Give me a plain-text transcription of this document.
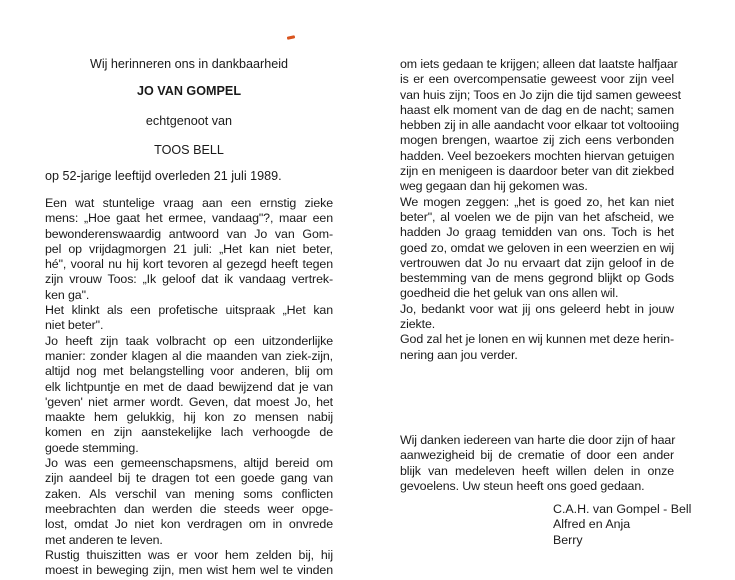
Wij herinneren ons in dankbaarheid
JO VAN GOMPEL
echtgenoot van
TOOS BELL
op 52-jarige leeftijd overleden 21 juli 1989.
Een wat stuntelige vraag aan een ernstig zieke
mens: „Hoe gaat het ermee, vandaag"?, maar een
bewonderenswaardig antwoord van Jo van Gom-
pel op vrijdagmorgen 21 juli: „Het kan niet beter,
hé", vooral nu hij kort tevoren al gezegd heeft tegen
zijn vrouw Toos: „Ik geloof dat ik vandaag vertrek-
ken ga".
Het klinkt als een profetische uitspraak „Het kan
niet beter".
Jo heeft zijn taak volbracht op een uitzonderlijke
manier: zonder klagen al die maanden van ziek-zijn,
altijd nog met belangstelling voor anderen, blij om
elk lichtpuntje en met de daad bewijzend dat je van
'geven' niet armer wordt. Geven, dat moest Jo, het
maakte hem gelukkig, hij kon zo mensen nabij
komen en zijn aanstekelijke lach verhoogde de
goede stemming.
Jo was een gemeenschapsmens, altijd bereid om
zijn aandeel bij te dragen tot een goede gang van
zaken. Als verschil van mening soms conflicten
meebrachten dan werden die steeds weer opge-
lost, omdat Jo niet kon verdragen om in onvrede
met anderen te leven.
Rustig thuiszitten was er voor hem zelden bij, hij
moest in beweging zijn, men wist hem wel te vinden
om iets gedaan te krijgen; alleen dat laatste halfjaar
is er een overcompensatie geweest voor zijn veel
van huis zijn; Toos en Jo zijn die tijd samen geweest
haast elk moment van de dag en de nacht; samen
hebben zij in alle aandacht voor elkaar tot voltooiing
mogen brengen, waartoe zij zich eens verbonden
hadden. Veel bezoekers mochten hiervan getuigen
zijn en menigeen is daardoor beter van dit ziekbed
weg gegaan dan hij gekomen was.
We mogen zeggen: „het is goed zo, het kan niet
beter", al voelen we de pijn van het afscheid, we
hadden Jo graag temidden van ons. Toch is het
goed zo, omdat we geloven in een weerzien en wij
vertrouwen dat Jo nu ervaart dat zijn geloof in de
bestemming van de mens gegrond blijkt op Gods
goedheid die het geluk van ons allen wil.
Jo, bedankt voor wat jij ons geleerd hebt in jouw
ziekte.
God zal het je lonen en wij kunnen met deze herin-
nering aan jou verder.
Wij danken iedereen van harte die door zijn of haar
aanwezigheid bij de crematie of door een ander
blijk van medeleven heeft willen delen in onze
gevoelens. Uw steun heeft ons goed gedaan.
C.A.H. van Gompel - Bell
Alfred en Anja
Berry
